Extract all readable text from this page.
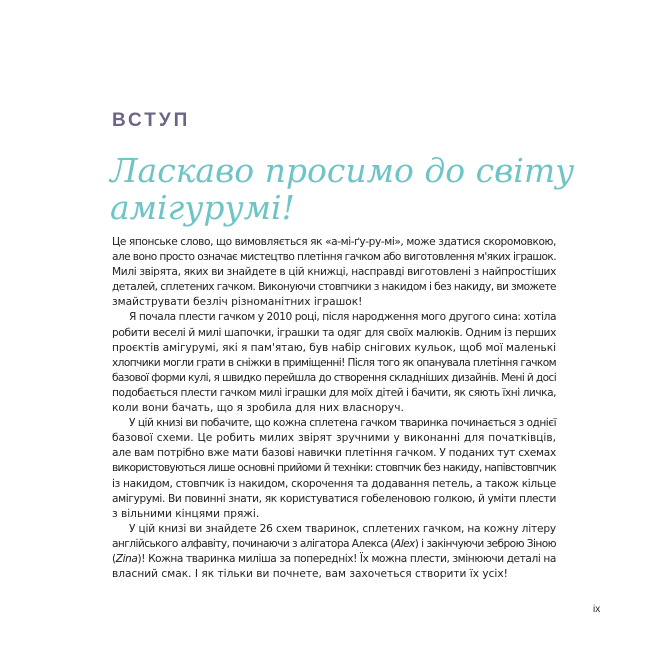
ВСТУП
Ласкаво просимо до світу
амігурумі!
Це японське слово, що вимовляється як «а-мі-ґу-ру-мі», може здатися скоромовкою,
але воно просто означає мистецтво плетіння гачком або виготовлення м'яких іграшок.
Милі звірята, яких ви знайдете в цій книжці, насправді виготовлені з найпростіших
деталей, сплетених гачком. Виконуючи стовпчики з накидом і без накиду, ви зможете
змайструвати безліч різноманітних іграшок!
Я почала плести гачком у 2010 році, після народження мого другого сина: хотіла
робити веселі й милі шапочки, іграшки та одяг для своїх малюків. Одним із перших
проєктів амігурумі, які я пам'ятаю, був набір снігових кульок, щоб мої маленькі
хлопчики могли грати в сніжки в приміщенні! Після того як опанувала плетіння гачком
базової форми кулі, я швидко перейшла до створення складніших дизайнів. Мені й досі
подобається плести гачком милі іграшки для моїх дітей і бачити, як сяють їхні личка,
коли вони бачать, що я зробила для них власноруч.
У цій книзі ви побачите, що кожна сплетена гачком тваринка починається з однієї
базової схеми. Це робить милих звірят зручними у виконанні для початківців,
але вам потрібно вже мати базові навички плетіння гачком. У поданих тут схемах
використовуються лише основні прийоми й техніки: стовпчик без накиду, напівстовпчик
із накидом, стовпчик із накидом, скорочення та додавання петель, а також кільце
амігурумі. Ви повинні знати, як користуватися гобеленовою голкою, й уміти плести
з вільними кінцями пряжі.
У цій книзі ви знайдете 26 схем тваринок, сплетених гачком, на кожну літеру
англійського алфавіту, починаючи з алігатора Алекса (Alex) і закінчуючи зеброю Зіною
(Zina)! Кожна тваринка миліша за попередніх! Їх можна плести, змінюючи деталі на
власний смак. І як тільки ви почнете, вам захочеться створити їх усіх!
ix
